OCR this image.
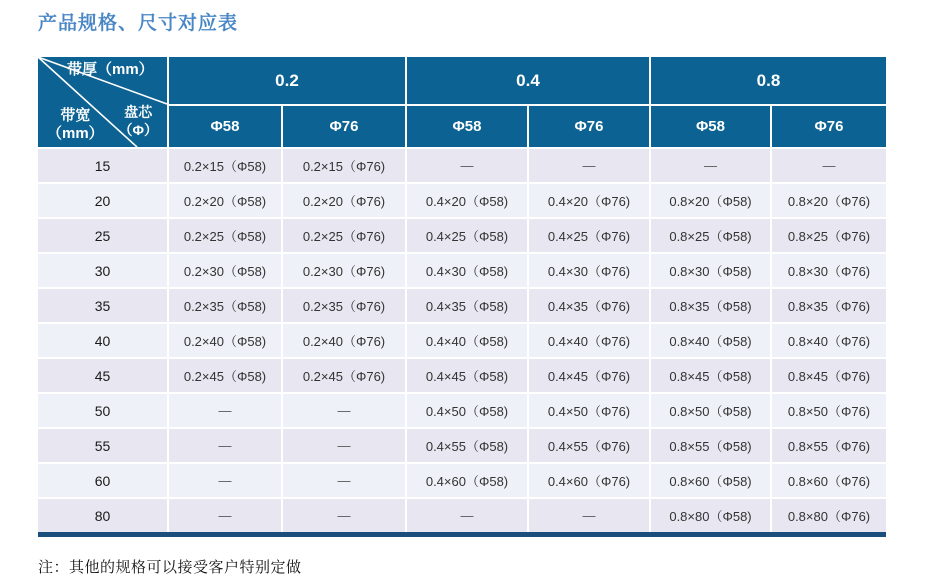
产品规格、尺寸对应表
带厚（mm）
盘芯
（Φ）
带宽
（mm）
0.2	0.4	0.8
Φ58	Φ76	Φ58	Φ76	Φ58	Φ76
15	0.2×15（Φ58)	0.2×15（Φ76)	—	—	—	—
20	0.2×20（Φ58)	0.2×20（Φ76)	0.4×20（Φ58)	0.4×20（Φ76)	0.8×20（Φ58)	0.8×20（Φ76)
25	0.2×25（Φ58)	0.2×25（Φ76)	0.4×25（Φ58)	0.4×25（Φ76)	0.8×25（Φ58)	0.8×25（Φ76)
30	0.2×30（Φ58)	0.2×30（Φ76)	0.4×30（Φ58)	0.4×30（Φ76)	0.8×30（Φ58)	0.8×30（Φ76)
35	0.2×35（Φ58)	0.2×35（Φ76)	0.4×35（Φ58)	0.4×35（Φ76)	0.8×35（Φ58)	0.8×35（Φ76)
40	0.2×40（Φ58)	0.2×40（Φ76)	0.4×40（Φ58)	0.4×40（Φ76)	0.8×40（Φ58)	0.8×40（Φ76)
45	0.2×45（Φ58)	0.2×45（Φ76)	0.4×45（Φ58)	0.4×45（Φ76)	0.8×45（Φ58)	0.8×45（Φ76)
50	—	—	0.4×50（Φ58)	0.4×50（Φ76)	0.8×50（Φ58)	0.8×50（Φ76)
55	—	—	0.4×55（Φ58)	0.4×55（Φ76)	0.8×55（Φ58)	0.8×55（Φ76)
60	—	—	0.4×60（Φ58)	0.4×60（Φ76)	0.8×60（Φ58)	0.8×60（Φ76)
80	—	—	—	—	0.8×80（Φ58)	0.8×80（Φ76)

注：其他的规格可以接受客户特别定做
